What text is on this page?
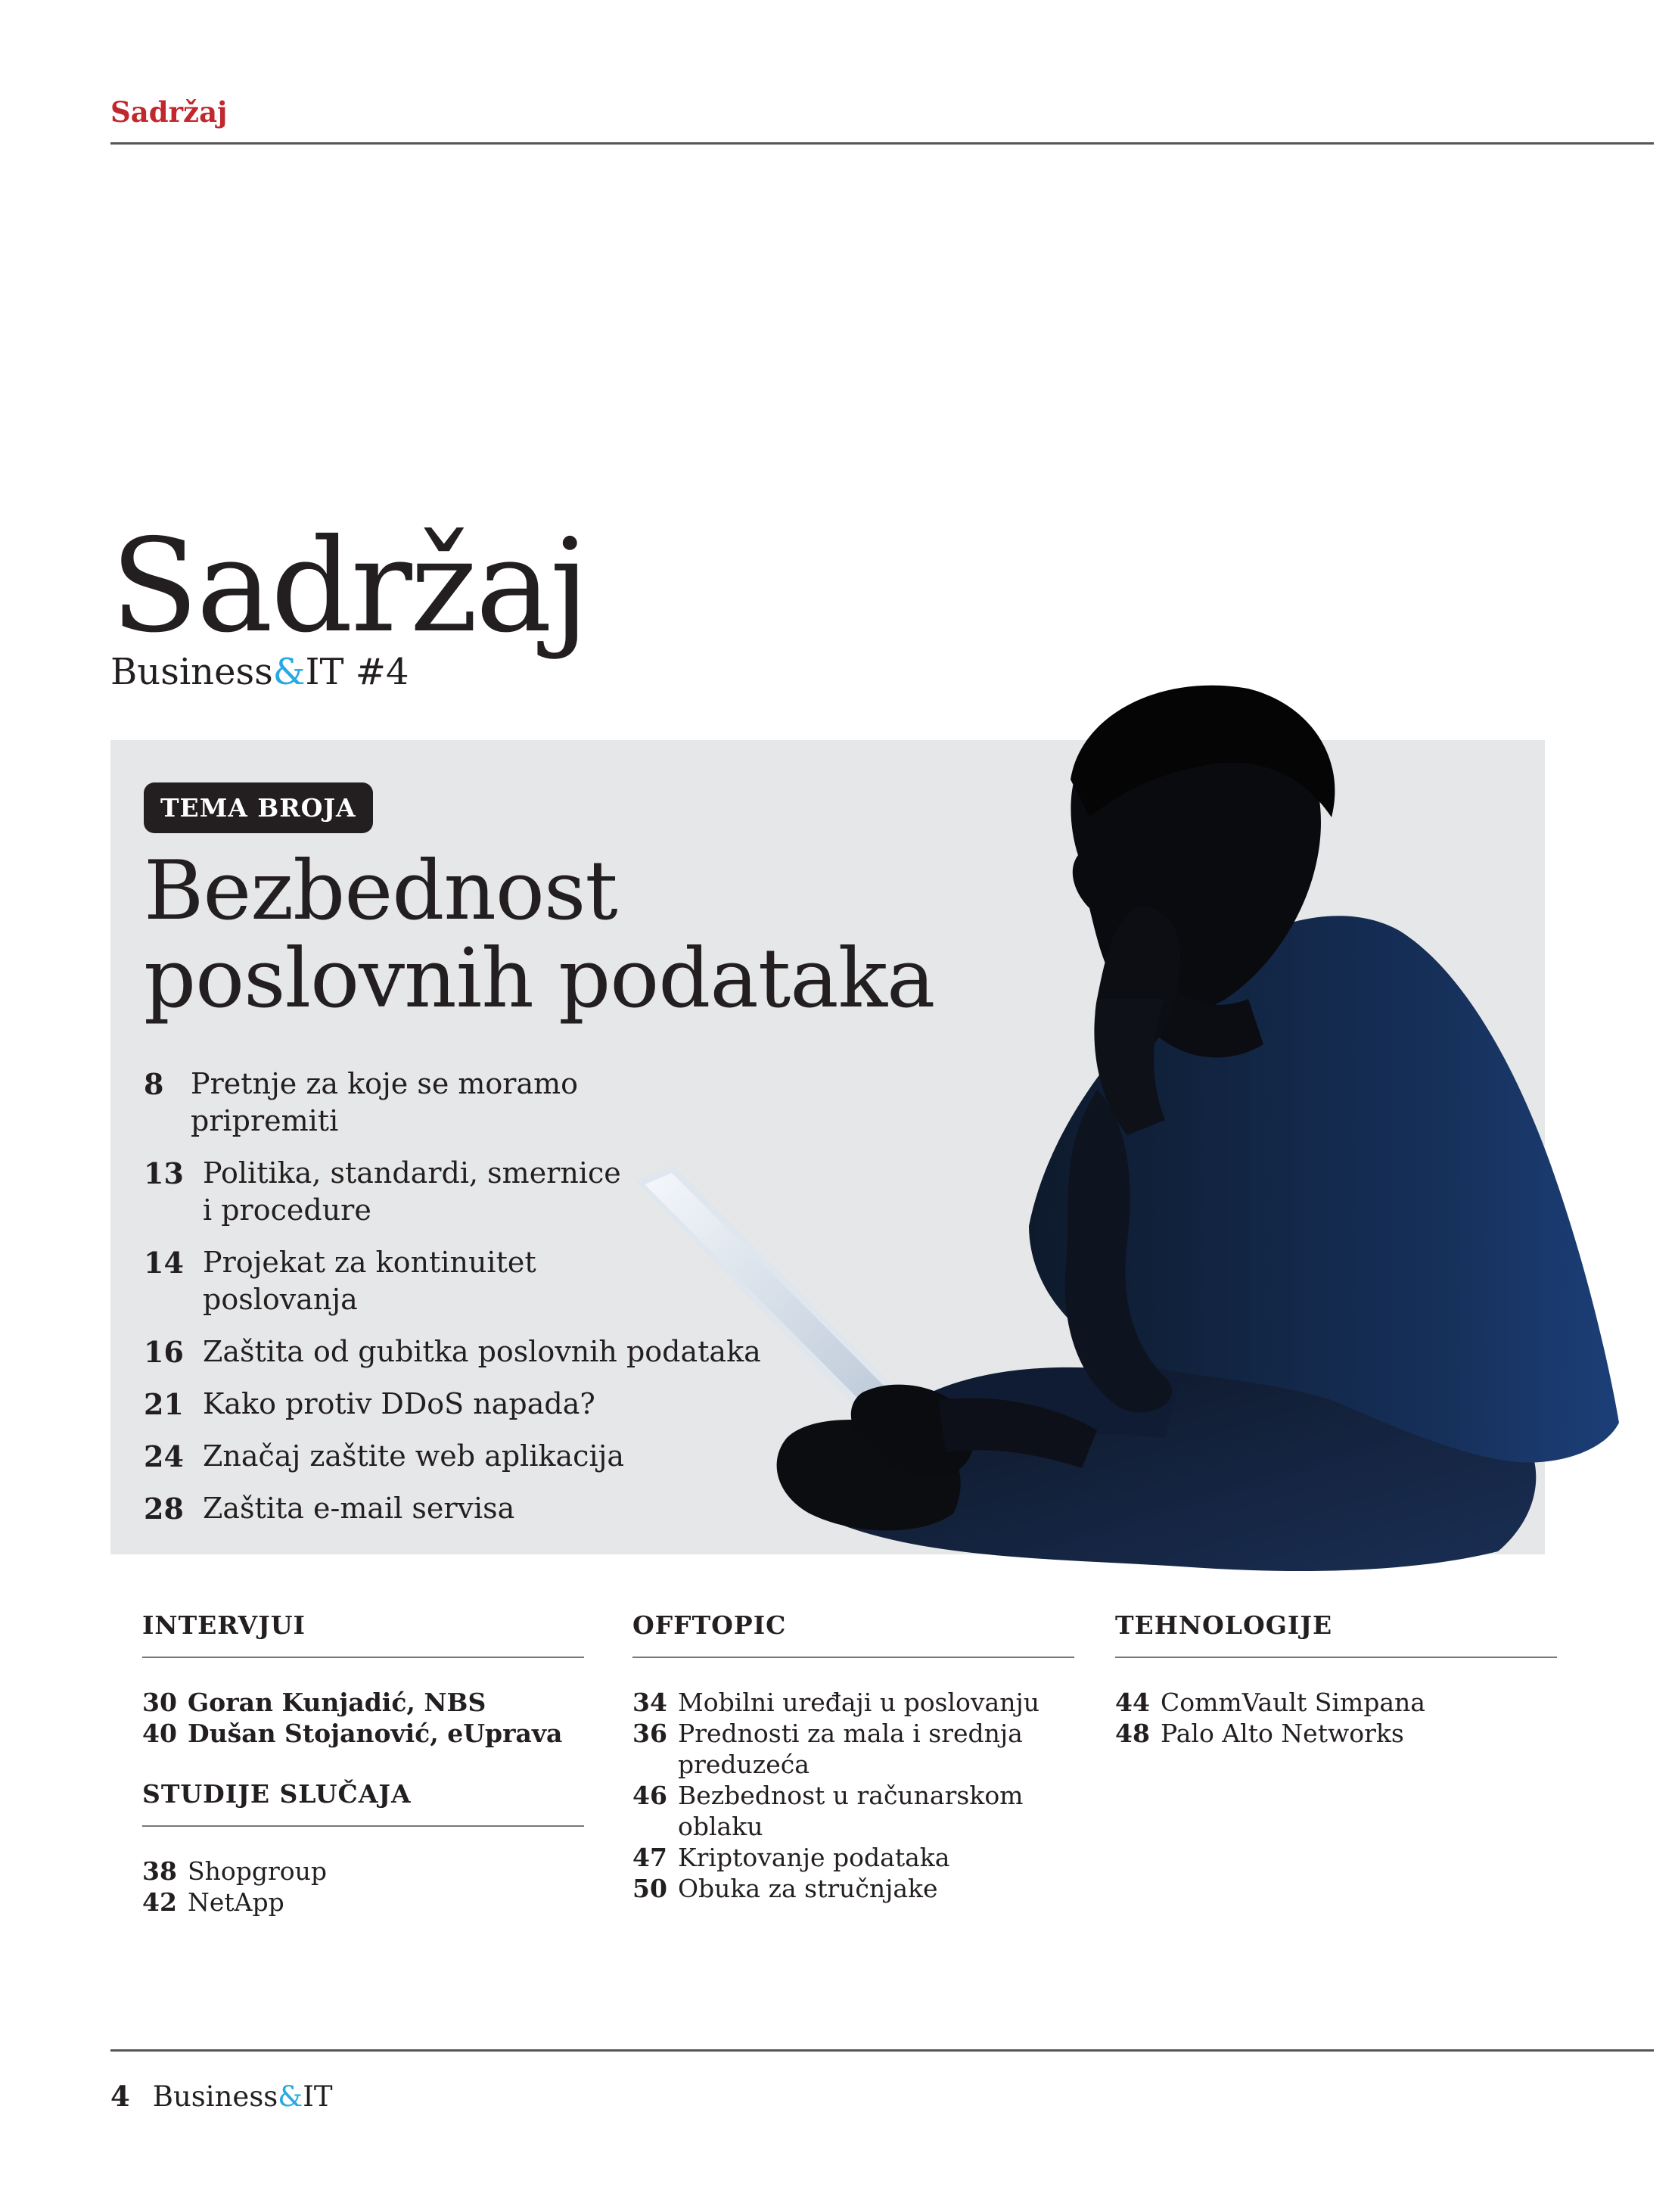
Sadržaj
Sadržaj
Business&IT #4
TEMA BROJA
Bezbednost
poslovnih podataka
8 Pretnje za koje se moramo
pripremiti
13 Politika, standardi, smernice
i procedure
14 Projekat za kontinuitet
poslovanja
16 Zaštita od gubitka poslovnih podataka
21 Kako protiv DDoS napada?
24 Značaj zaštite web aplikacija
28 Zaštita e-mail servisa
INTERVJUI
30 Goran Kunjadić, NBS
40 Dušan Stojanović, eUprava
STUDIJE SLUČAJA
38 Shopgroup
42 NetApp
OFFTOPIC
34 Mobilni uređaji u poslovanju
36 Prednosti za mala i srednja
preduzeća
46 Bezbednost u računarskom oblaku
47 Kriptovanje podataka
50 Obuka za stručnjake
TEHNOLOGIJE
44 CommVault Simpana
48 Palo Alto Networks
4 Business&IT
